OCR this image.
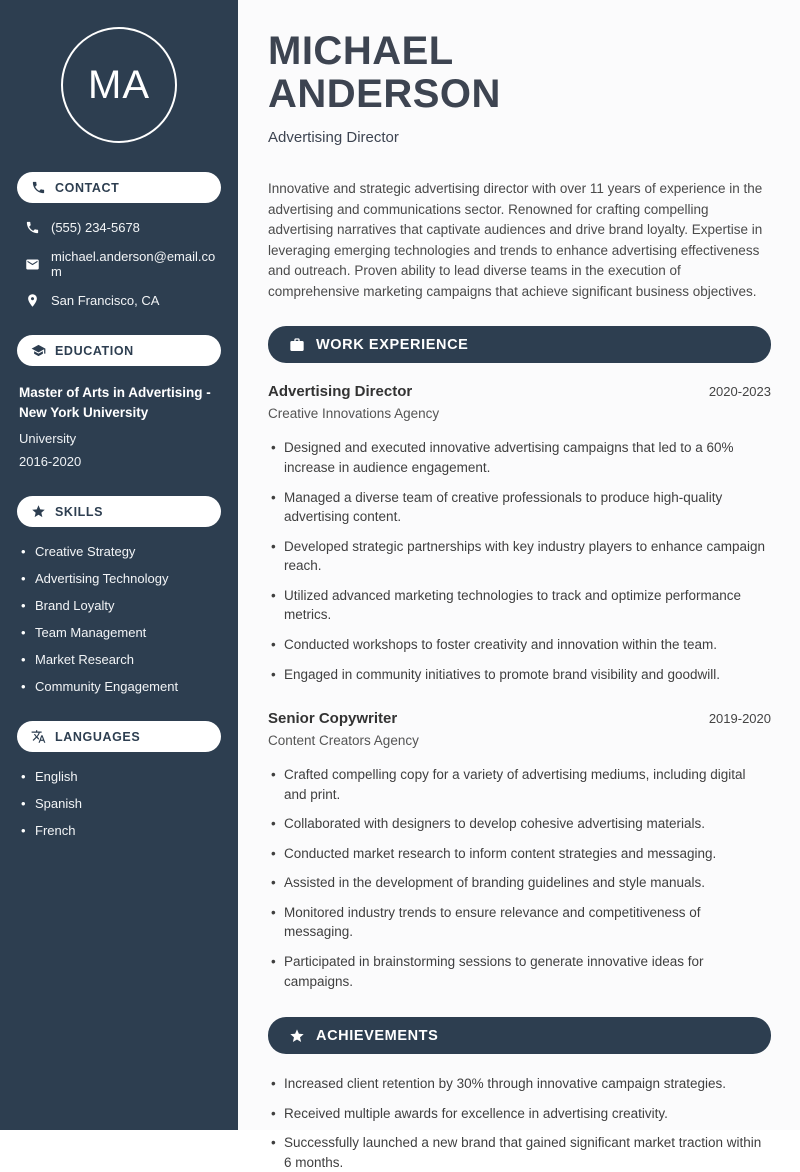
MA
CONTACT
(555) 234-5678
michael.anderson@email.com
San Francisco, CA
EDUCATION
Master of Arts in Advertising - New York University
University
2016-2020
SKILLS
• Creative Strategy
• Advertising Technology
• Brand Loyalty
• Team Management
• Market Research
• Community Engagement
LANGUAGES
• English
• Spanish
• French
MICHAEL
ANDERSON
Advertising Director

Innovative and strategic advertising director with over 11 years of experience in the advertising and communications sector. Renowned for crafting compelling advertising narratives that captivate audiences and drive brand loyalty. Expertise in leveraging emerging technologies and trends to enhance advertising effectiveness and outreach. Proven ability to lead diverse teams in the execution of comprehensive marketing campaigns that achieve significant business objectives.

WORK EXPERIENCE
Advertising Director	2020-2023
Creative Innovations Agency
• Designed and executed innovative advertising campaigns that led to a 60% increase in audience engagement.
• Managed a diverse team of creative professionals to produce high-quality advertising content.
• Developed strategic partnerships with key industry players to enhance campaign reach.
• Utilized advanced marketing technologies to track and optimize performance metrics.
• Conducted workshops to foster creativity and innovation within the team.
• Engaged in community initiatives to promote brand visibility and goodwill.
Senior Copywriter	2019-2020
Content Creators Agency
• Crafted compelling copy for a variety of advertising mediums, including digital and print.
• Collaborated with designers to develop cohesive advertising materials.
• Conducted market research to inform content strategies and messaging.
• Assisted in the development of branding guidelines and style manuals.
• Monitored industry trends to ensure relevance and competitiveness of messaging.
• Participated in brainstorming sessions to generate innovative ideas for campaigns.
ACHIEVEMENTS
• Increased client retention by 30% through innovative campaign strategies.
• Received multiple awards for excellence in advertising creativity.
• Successfully launched a new brand that gained significant market traction within 6 months.
